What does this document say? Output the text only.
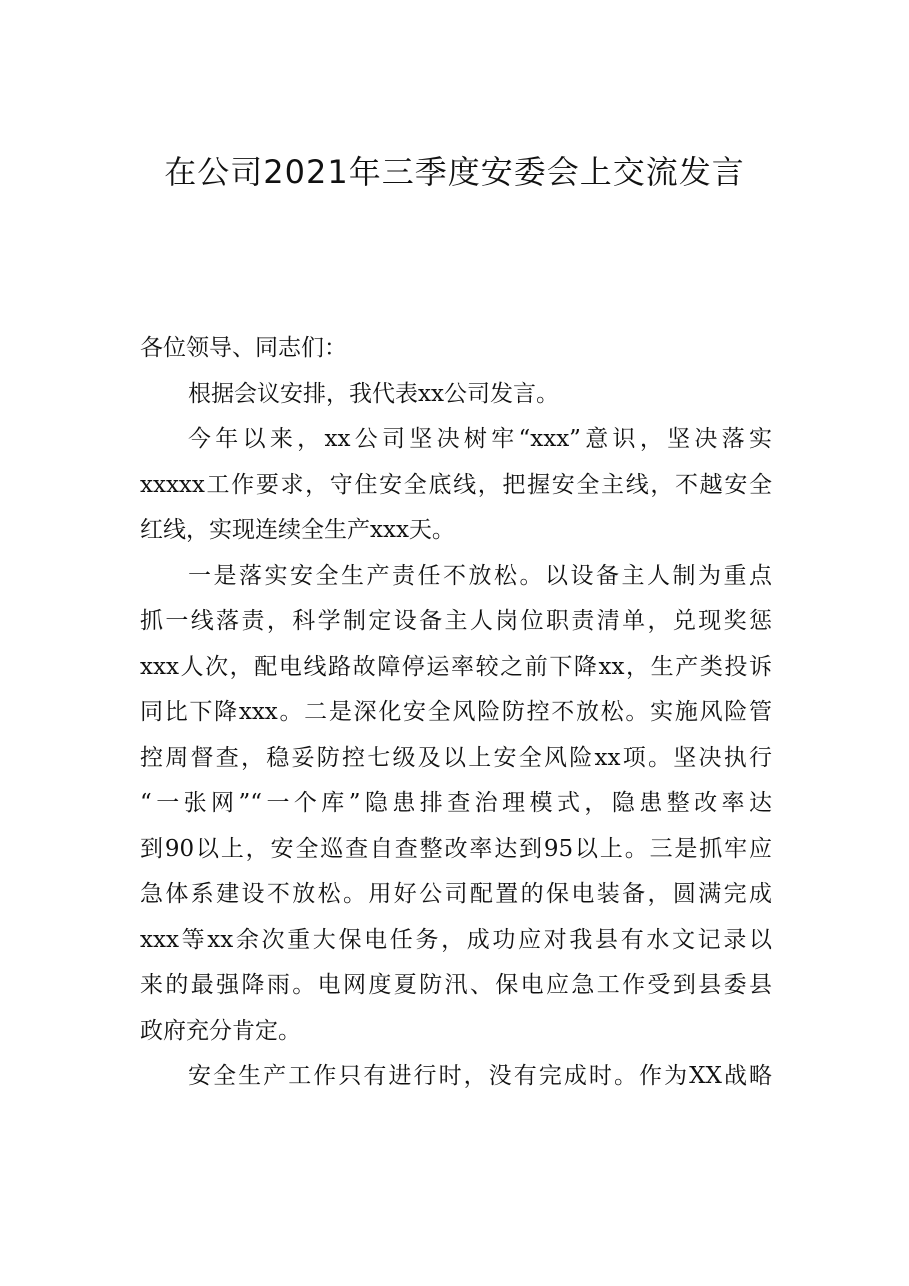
在公司2021年三季度安委会上交流发言
各位领导、同志们：
根据会议安排，我代表xx公司发言。
今年以来，xx公司坚决树牢“xxx”意识，坚决落实
xxxxx工作要求，守住安全底线，把握安全主线，不越安全
红线，实现连续全生产xxx天。
一是落实安全生产责任不放松。以设备主人制为重点
抓一线落责，科学制定设备主人岗位职责清单，兑现奖惩
xxx人次，配电线路故障停运率较之前下降xx，生产类投诉
同比下降xxx。二是深化安全风险防控不放松。实施风险管
控周督查，稳妥防控七级及以上安全风险xx项。坚决执行
“一张网”“一个库”隐患排查治理模式，隐患整改率达
到90以上，安全巡查自查整改率达到95以上。三是抓牢应
急体系建设不放松。用好公司配置的保电装备，圆满完成
xxx等xx余次重大保电任务，成功应对我县有水文记录以
来的最强降雨。电网度夏防汛、保电应急工作受到县委县
政府充分肯定。
安全生产工作只有进行时，没有完成时。作为XX战略
